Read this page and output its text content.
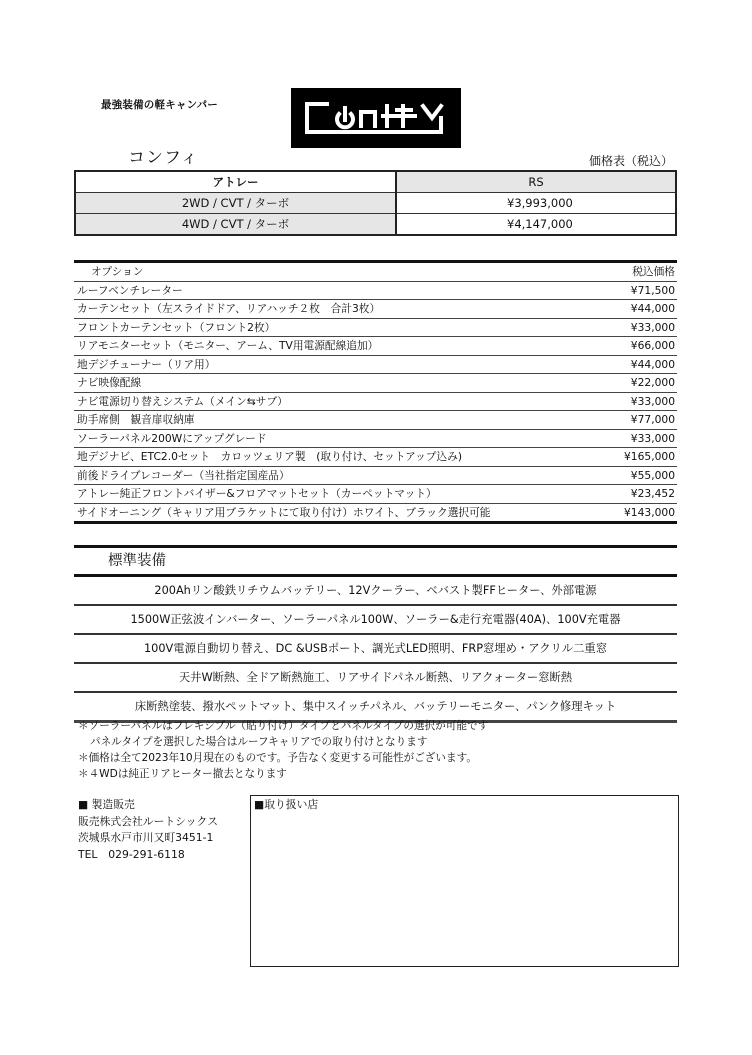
最強装備の軽キャンパー
コンフィ	価格表（税込）
アトレー	RS
2WD / CVT / ターボ	¥3,993,000
4WD / CVT / ターボ	¥4,147,000
オプション	税込価格
ルーフベンチレーター	¥71,500
カーテンセット（左スライドドア、リアハッチ２枚　合計3枚）	¥44,000
フロントカーテンセット（フロント2枚）	¥33,000
リアモニターセット（モニター、アーム、TV用電源配線追加）	¥66,000
地デジチューナー（リア用）	¥44,000
ナビ映像配線	¥22,000
ナビ電源切り替えシステム（メイン⇆サブ）	¥33,000
助手席側　観音扉収納庫	¥77,000
ソーラーパネル200Wにアップグレード	¥33,000
地デジナビ、ETC2.0セット　カロッツェリア製　(取り付け、セットアップ込み)	¥165,000
前後ドライブレコーダー（当社指定国産品）	¥55,000
アトレー純正フロントバイザー&フロアマットセット（カーペットマット）	¥23,452
サイドオーニング（キャリア用ブラケットにて取り付け）ホワイト、ブラック選択可能	¥143,000
標準装備
200Ahリン酸鉄リチウムバッテリー、12Vクーラー、ベバスト製FFヒーター、外部電源
1500W正弦波インバーター、ソーラーパネル100W、ソーラー&走行充電器(40A)、100V充電器
100V電源自動切り替え、DC &USBポート、調光式LED照明、FRP窓埋め・アクリル二重窓
天井W断熱、全ドア断熱施工、リアサイドパネル断熱、リアクォーター窓断熱
床断熱塗装、撥水ペットマット、集中スイッチパネル、バッテリーモニター、パンク修理キット
＊ソーラーパネルはフレキシブル（貼り付け）タイプとパネルタイプの選択が可能です
パネルタイプを選択した場合はルーフキャリアでの取り付けとなります
＊価格は全て2023年10月現在のものです。予告なく変更する可能性がございます。
＊４WDは純正リアヒーター撤去となります
■ 製造販売
販売株式会社ルートシックス
茨城県水戸市川又町3451-1
TEL　029-291-6118
■取り扱い店
